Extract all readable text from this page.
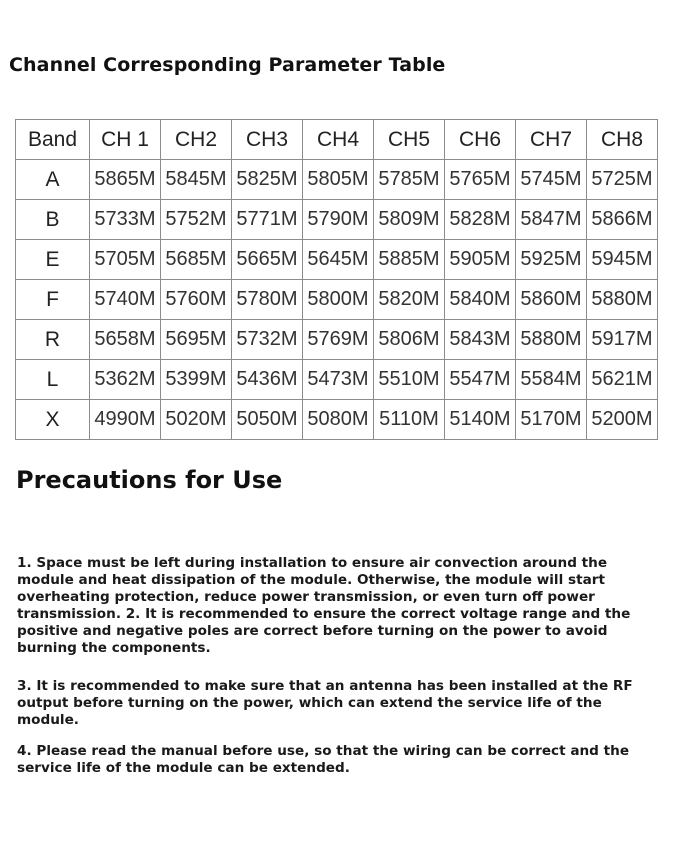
Channel Corresponding Parameter Table
Band	CH 1	CH2	CH3	CH4	CH5	CH6	CH7	CH8
A	5865M	5845M	5825M	5805M	5785M	5765M	5745M	5725M
B	5733M	5752M	5771M	5790M	5809M	5828M	5847M	5866M
E	5705M	5685M	5665M	5645M	5885M	5905M	5925M	5945M
F	5740M	5760M	5780M	5800M	5820M	5840M	5860M	5880M
R	5658M	5695M	5732M	5769M	5806M	5843M	5880M	5917M
L	5362M	5399M	5436M	5473M	5510M	5547M	5584M	5621M
X	4990M	5020M	5050M	5080M	5110M	5140M	5170M	5200M
Precautions for Use

1. Space must be left during installation to ensure air convection around the module and heat dissipation of the module. Otherwise, the module will start overheating protection, reduce power transmission, or even turn off power transmission. 2. It is recommended to ensure the correct voltage range and the positive and negative poles are correct before turning on the power to avoid burning the components.

3. It is recommended to make sure that an antenna has been installed at the RF output before turning on the power, which can extend the service life of the module.

4. Please read the manual before use, so that the wiring can be correct and the service life of the module can be extended.
